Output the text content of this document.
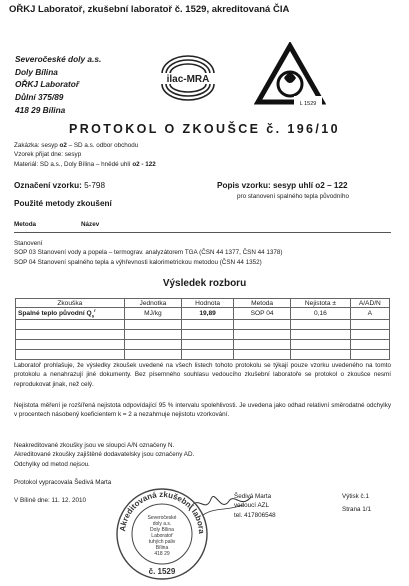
OŘKJ Laboratoř, zkušební laboratoř č. 1529, akreditovaná ČIA
Severočeské doly a.s.
Doly Bílina
OŘKJ Laboratoř
Důlní 375/89
418 29 Bílina
ilac-MRA
L 1529
PROTOKOL O ZKOUŠCE č. 196/10
Zakázka: sesyp o2 – SD a.s. odbor obchodu
Vzorek přijat dne: sesyp
Materiál: SD a.s., Doly Bílina – hnědé uhlí o2 - 122
Označení vzorku: 5-798	Popis vzorku: sesyp uhlí o2 – 122
pro stanovení spalného tepla původního
Použité metody zkoušení
Metoda	Název
Stanovení
SOP 03 Stanovení vody a popela – termograv. analyzátorem TGA (ČSN 44 1377, ČSN 44 1378)
SOP 04 Stanovení spalného tepla a výhřevnosti kalorimetrickou metodou (ČSN 44 1352)
Výsledek rozboru
Zkouška	Jednotka	Hodnota	Metoda	Nejistota ±	A/AD/N
Spalné teplo původní $Q_s^r$	MJ/kg	19,89	SOP 04	0,16	A

Laboratoř prohlašuje, že výsledky zkoušek uvedené na všech listech tohoto protokolu se týkají pouze vzorku uvedeného na tomto protokolu a nenahrazují jiné dokumenty. Bez písemného souhlasu vedoucího zkušební laboratoře se protokol o zkoušce nesmí reprodukovat jinak, než celý.
Nejistota měření je rozšířená nejistota odpovídající 95 % intervalu spolehlivosti. Je uvedena jako odhad relativní směrodatné odchylky v procentech násobený koeficientem k = 2 a nezahrnuje nejistotu vzorkování.
Neakreditované zkoušky jsou ve sloupci A/N označeny N.
Akreditované zkoušky zajištěné dodavatelsky jsou označeny AD.
Odchylky od metod nejsou.
Protokol vypracovala Šedivá Marta
V Bílině dne: 11. 12. 2010
Šedivá Marta
vedoucí AZL
tel. 417806548
Výtisk č.1
Strana 1/1
Akreditovaná zkušební labora
Severočeské
doly a.s.
Doly Bílina
Laboratoř
tuhých paliv
Bílina
418 29
č. 1529
